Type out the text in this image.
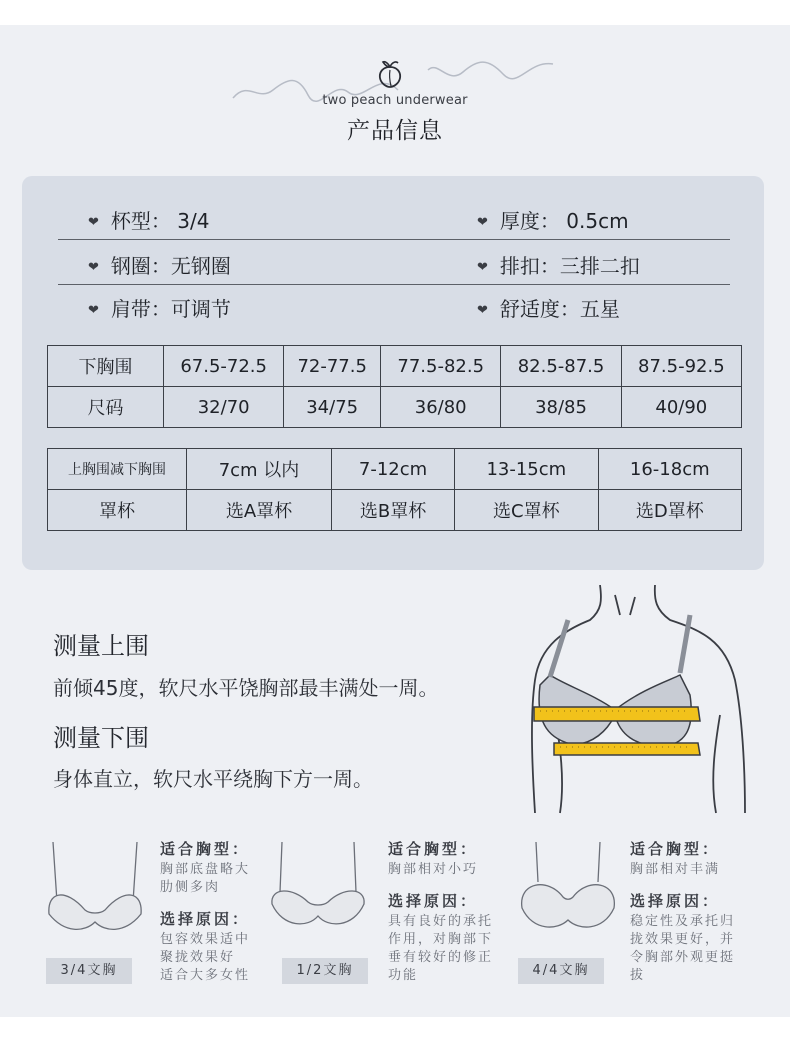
two peach underwear
产品信息
❤ 杯型： 3/4	❤ 厚度： 0.5cm
❤ 钢圈：无钢圈	❤ 排扣：三排二扣
❤ 肩带：可调节	❤ 舒适度：五星
下胸围	67.5-72.5	72-77.5	77.5-82.5	82.5-87.5	87.5-92.5
尺码	32/70	34/75	36/80	38/85	40/90
上胸围减下胸围	7cm 以内	7-12cm	13-15cm	16-18cm
罩杯	选A罩杯	选B罩杯	选C罩杯	选D罩杯
测量上围
前倾45度，软尺水平饶胸部最丰满处一周。
测量下围
身体直立，软尺水平绕胸下方一周。
3/4文胸
适合胸型：
胸部底盘略大
肋侧多肉
选择原因：
包容效果适中
聚拢效果好
适合大多女性	1/2文胸
适合胸型：
胸部相对小巧
选择原因：
具有良好的承托
作用，对胸部下
垂有较好的修正
功能	4/4文胸
适合胸型：
胸部相对丰满
选择原因：
稳定性及承托归
拢效果更好，并
令胸部外观更挺
拔
